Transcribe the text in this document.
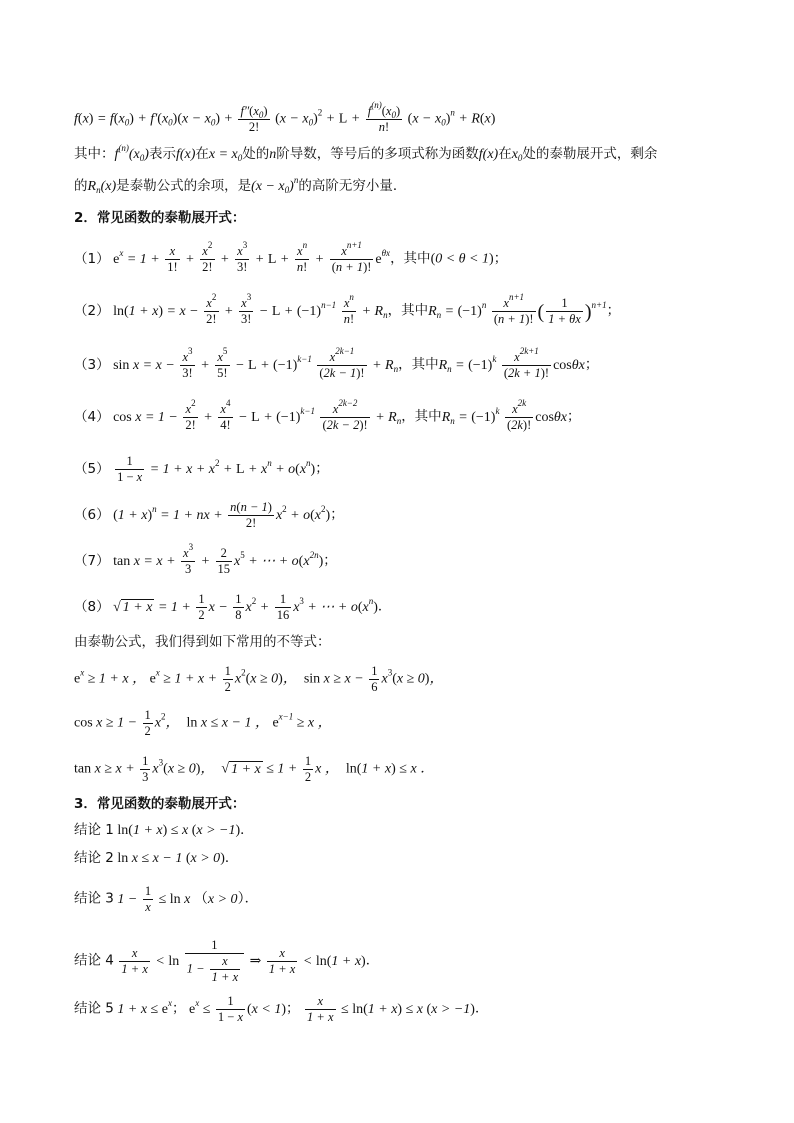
$f(x) = f(x_0) + f'(x_0)(x - x_0) + \frac{f''(x_0)}{2!} (x - x_0)^2 + L + \frac{f^{(n)}(x_0)}{n!} (x - x_0)^n + R(x)$
其中：$f^{(n)}(x_0)$表示f(x)在$x = x_0$处的n阶导数，等号后的多项式称为函数f(x)在$x_0$处的泰勒展开式，剩余
的$R_n(x)$是泰勒公式的余项，是$(x - x_0)^n$的高阶无穷小量．
2．常见函数的泰勒展开式：
（1） $e^x = 1 + \frac{x}{1!} + \frac{x^2}{2!} + \frac{x^3}{3!} + L + \frac{x^n}{n!} + \frac{x^{n+1}}{(n + 1)!} e^{\theta x}$，其中(0 < θ < 1)；
（2） $\ln(1 + x) = x - \frac{x^2}{2!} + \frac{x^3}{3!} - L + (-1)^{n-1} \frac{x^n}{n!} + R_n$，其中$R_n = (-1)^n \frac{x^{n+1}}{(n + 1)!}$ ( $\frac{1}{1 + \theta x} )^{n+1}$；
（3） $\sin x = x - \frac{x^3}{3!} + \frac{x^5}{5!} - L + (-1)^{k-1} \frac{x^{2k-1}}{(2k - 1)!} + R_n$，其中$R_n = (-1)^k \frac{x^{2k+1}}{(2k + 1)!}$ cosθx；
（4） $\cos x = 1 - \frac{x^2}{2!} + \frac{x^4}{4!} - L + (-1)^{k-1} \frac{x^{2k-2}}{(2k - 2)!} + R_n$，其中$R_n = (-1)^k \frac{x^{2k}}{(2k)!}$ cosθx；
$(5) \frac{1}{1 - x} = 1 + x + x^2 + L + x^n + o(x^n)$；
（6） $(1 + x)^n = 1$ + nx + $\frac{n(n - 1)}{2!} x^2 + o(x^2)$；
（7） $\tan x = x + \frac{x^3}{3} + \frac{2}{15} x^5$ + ⋯ + $o(x^{2n})$；
（8） √ $1 + x = 1 + \frac{1}{2}$ $x - \frac{1}{8} x^2 + \frac{1}{16} x^3$ + ⋯ + $o(x^n)$．
由泰勒公式，我们得到如下常用的不等式：
$e^x \ge 1 + x$ ， $e^x \ge 1 + x + \frac{1}{2} x^2(x \ge 0)$，  $\sin x \ge x - \frac{1}{6} x^3(x \ge 0)$，
$\cos x \ge 1 - \frac{1}{2} x^2$，  ln x ≤ x − 1 ， $e^{x-1} \ge x$ ，
$\tan x \ge x + \frac{1}{3} x^3(x \ge 0)$，  √ $1 + x \le 1 + \frac{1}{2}$ x ，  ln(1 + x) ≤ x ．
3．常见函数的泰勒展开式：
结论 1 ln(1 + x) ≤ x (x > −1)．
结论 2 ln x ≤ x − 1 (x > 0)．
结论 3 $1 - \frac{1}{x} \le \ln x$ （x > 0）．
结论 $4 \frac{x}{1 + x} < \ln \frac{1}{1 - \frac{x}{1 + x}}$ ⇒ $\frac{x}{1 + x} < \ln(1 + x)$．
结论 5 $1 + x \le e^x$； $e^x \le \frac{1}{1 - x} (x < 1)$； $\frac{x}{1 + x} \le \ln(1 + x) \le x$ (x > −1)．
